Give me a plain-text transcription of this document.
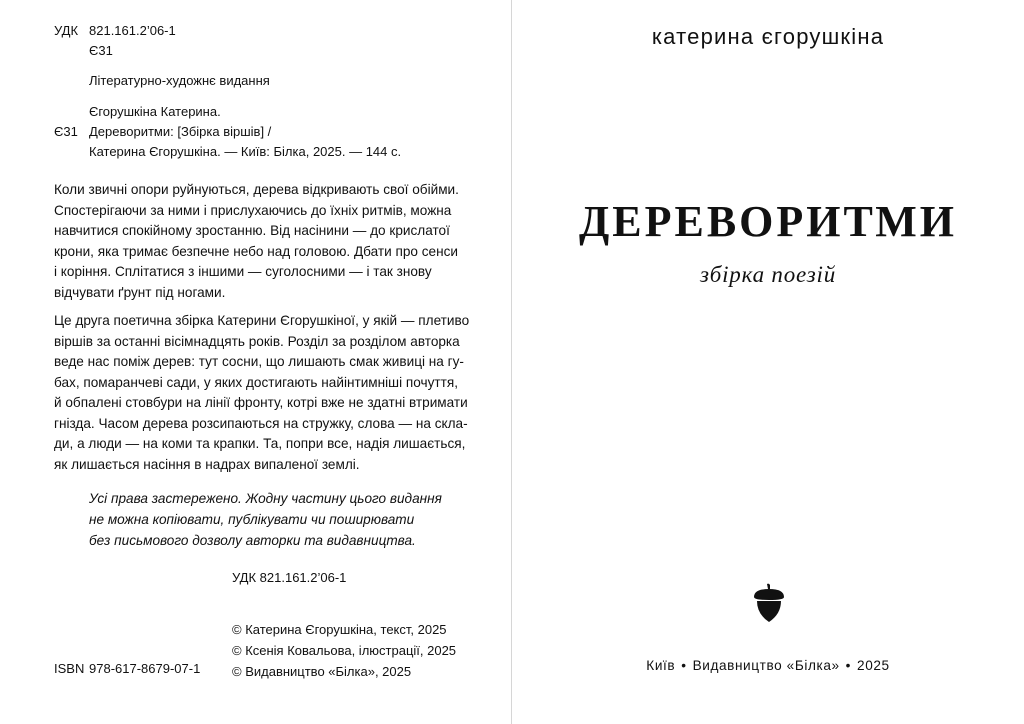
УДК 821.161.2’06-1
Є31
Літературно-художнє видання
Єгорушкіна Катерина.
Є31 Дереворитми: [Збірка віршів] /
Катерина Єгорушкіна. — Київ: Білка, 2025. — 144 с.
Коли звичні опори руйнуються, дерева відкривають свої обійми.
Спостерігаючи за ними і прислухаючись до їхніх ритмів, можна
навчитися спокійному зростанню. Від насінини — до крислатої
крони, яка тримає безпечне небо над головою. Дбати про сенси
і коріння. Сплітатися з іншими — суголосними — і так знову
відчувати ґрунт під ногами.
Це друга поетична збірка Катерини Єгорушкіної, у якій — плетиво
віршів за останні вісімнадцять років. Розділ за розділом авторка
веде нас поміж дерев: тут сосни, що лишають смак живиці на гу-
бах, помаранчеві сади, у яких достигають найінтимніші почуття,
й обпалені стовбури на лінії фронту, котрі вже не здатні втримати
гнізда. Часом дерева розсипаються на стружку, слова — на скла-
ди, а люди — на коми та крапки. Та, попри все, надія лишається,
як лишається насіння в надрах випаленої землі.
Усі права застережено. Жодну частину цього видання
не можна копіювати, публікувати чи поширювати
без письмового дозволу авторки та видавництва.
УДК 821.161.2’06-1
© Катерина Єгорушкіна, текст, 2025
© Ксенія Ковальова, ілюстрації, 2025
© Видавництво «Білка», 2025
ISBN 978-617-8679-07-1
катерина єгорушкіна
ДЕРЕВОРИТМИ
збірка поезій
Київ • Видавництво «Білка» • 2025
